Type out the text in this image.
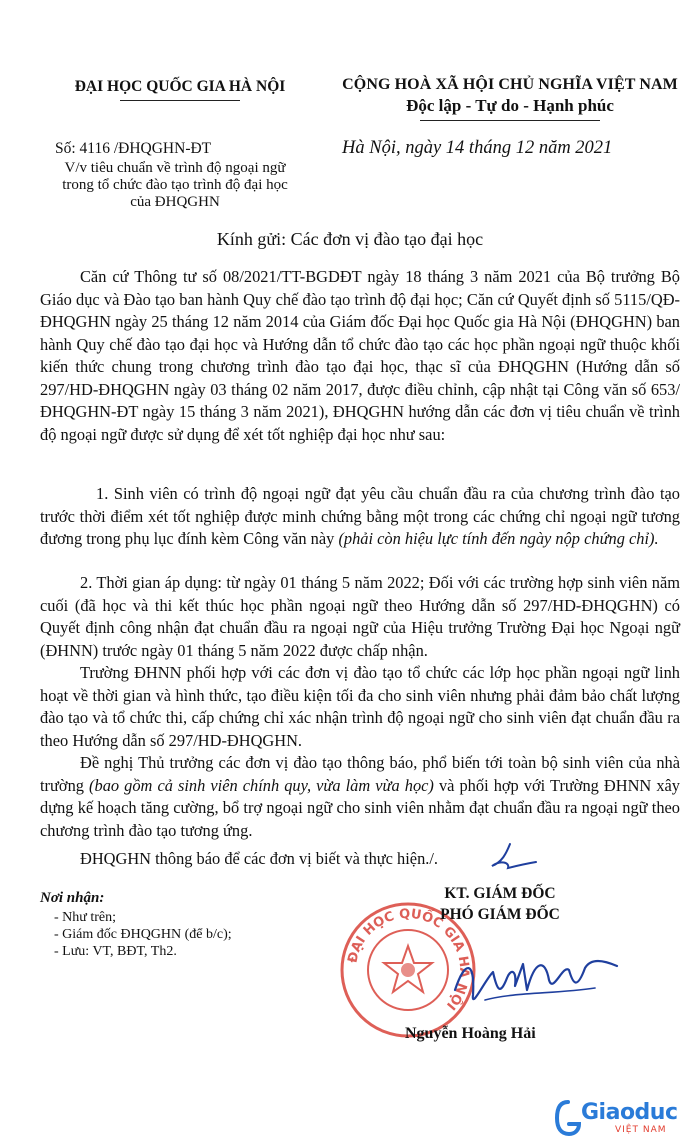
ĐẠI HỌC QUỐC GIA HÀ NỘI	CỘNG HOÀ XÃ HỘI CHỦ NGHĨA VIỆT NAM
Độc lập - Tự do - Hạnh phúc
Số: 4116 /ĐHQGHN-ĐT
V/v tiêu chuẩn về trình độ ngoại ngữ
trong tổ chức đào tạo trình độ đại học
của ĐHQGHN
Hà Nội, ngày 14 tháng 12 năm 2021
Kính gửi: Các đơn vị đào tạo đại học
Căn cứ Thông tư số 08/2021/TT-BGDĐT ngày 18 tháng 3 năm 2021 của Bộ trưởng Bộ Giáo dục và Đào tạo ban hành Quy chế đào tạo trình độ đại học; Căn cứ Quyết định số 5115/QĐ-ĐHQGHN ngày 25 tháng 12 năm 2014 của Giám đốc Đại học Quốc gia Hà Nội (ĐHQGHN) ban hành Quy chế đào tạo đại học và Hướng dẫn tổ chức đào tạo các học phần ngoại ngữ thuộc khối kiến thức chung trong chương trình đào tạo đại học, thạc sĩ của ĐHQGHN (Hướng dẫn số 297/HD-ĐHQGHN ngày 03 tháng 02 năm 2017, được điều chỉnh, cập nhật tại Công văn số 653/ĐHQGHN-ĐT ngày 15 tháng 3 năm 2021), ĐHQGHN hướng dẫn các đơn vị tiêu chuẩn về trình độ ngoại ngữ được sử dụng để xét tốt nghiệp đại học như sau:
1. Sinh viên có trình độ ngoại ngữ đạt yêu cầu chuẩn đầu ra của chương trình đào tạo trước thời điểm xét tốt nghiệp được minh chứng bằng một trong các chứng chỉ ngoại ngữ tương đương trong phụ lục đính kèm Công văn này (phải còn hiệu lực tính đến ngày nộp chứng chỉ).
2. Thời gian áp dụng: từ ngày 01 tháng 5 năm 2022; Đối với các trường hợp sinh viên năm cuối (đã học và thi kết thúc học phần ngoại ngữ theo Hướng dẫn số 297/HD-ĐHQGHN) có Quyết định công nhận đạt chuẩn đầu ra ngoại ngữ của Hiệu trưởng Trường Đại học Ngoại ngữ (ĐHNN) trước ngày 01 tháng 5 năm 2022 được chấp nhận.
Trường ĐHNN phối hợp với các đơn vị đào tạo tổ chức các lớp học phần ngoại ngữ linh hoạt về thời gian và hình thức, tạo điều kiện tối đa cho sinh viên nhưng phải đảm bảo chất lượng đào tạo và tổ chức thi, cấp chứng chỉ xác nhận trình độ ngoại ngữ cho sinh viên đạt chuẩn đầu ra theo Hướng dẫn số 297/HD-ĐHQGHN.
Đề nghị Thủ trưởng các đơn vị đào tạo thông báo, phổ biến tới toàn bộ sinh viên của nhà trường (bao gồm cả sinh viên chính quy, vừa làm vừa học) và phối hợp với Trường ĐHNN xây dựng kế hoạch tăng cường, bổ trợ ngoại ngữ cho sinh viên nhằm đạt chuẩn đầu ra ngoại ngữ theo chương trình đào tạo tương ứng.
ĐHQGHN thông báo để các đơn vị biết và thực hiện./.
Nơi nhận:
- Như trên;
- Giám đốc ĐHQGHN (để b/c);
- Lưu: VT, BĐT, Th2.	ĐẠI HỌC QUỐC GIA HÀ NỘI
KT. GIÁM ĐỐC
PHÓ GIÁM ĐỐC
Nguyễn Hoàng Hải
Giaoduc
VIỆT NAM
